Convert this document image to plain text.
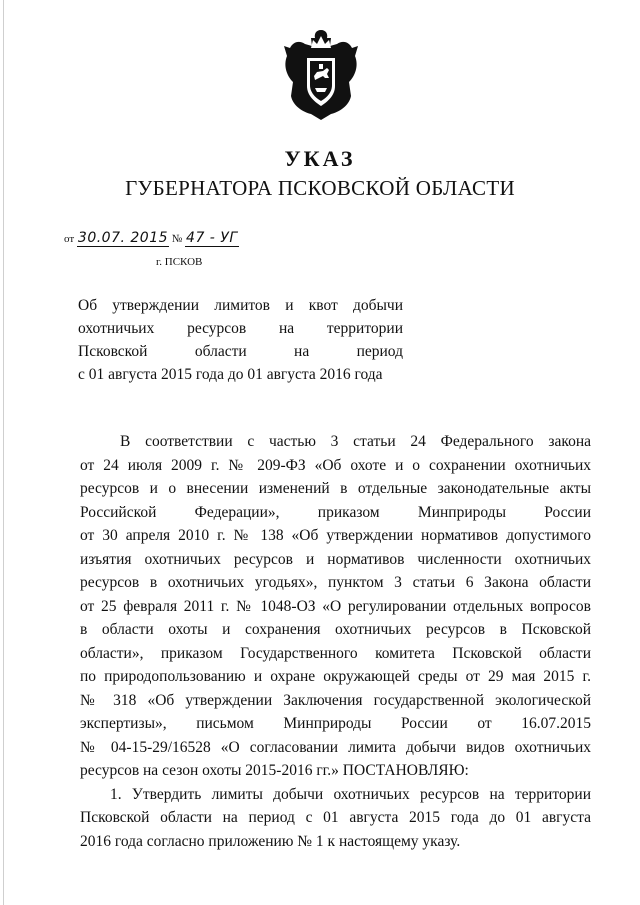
УКАЗ
ГУБЕРНАТОРА ПСКОВСКОЙ ОБЛАСТИ
от 30.07. 2015 № 47 - УГ
г. ПСКОВ
Об утверждении лимитов и квот добычи
охотничьих ресурсов на территории
Псковской области на период
с 01 августа 2015 года до 01 августа 2016 года
В соответствии с частью 3 статьи 24 Федерального закона
от 24 июля 2009 г. № 209-ФЗ «Об охоте и о сохранении охотничьих
ресурсов и о внесении изменений в отдельные законодательные акты
Российской Федерации», приказом Минприроды России
от 30 апреля 2010 г. № 138 «Об утверждении нормативов допустимого
изъятия охотничьих ресурсов и нормативов численности охотничьих
ресурсов в охотничьих угодьях», пунктом 3 статьи 6 Закона области
от 25 февраля 2011 г. № 1048-ОЗ «О регулировании отдельных вопросов
в области охоты и сохранения охотничьих ресурсов в Псковской
области», приказом Государственного комитета Псковской области
по природопользованию и охране окружающей среды от 29 мая 2015 г.
№ 318 «Об утверждении Заключения государственной экологической
экспертизы», письмом Минприроды России от 16.07.2015
№ 04-15-29/16528 «О согласовании лимита добычи видов охотничьих
ресурсов на сезон охоты 2015-2016 гг.» ПОСТАНОВЛЯЮ:
1. Утвердить лимиты добычи охотничьих ресурсов на территории
Псковской области на период с 01 августа 2015 года до 01 августа
2016 года согласно приложению № 1 к настоящему указу.
